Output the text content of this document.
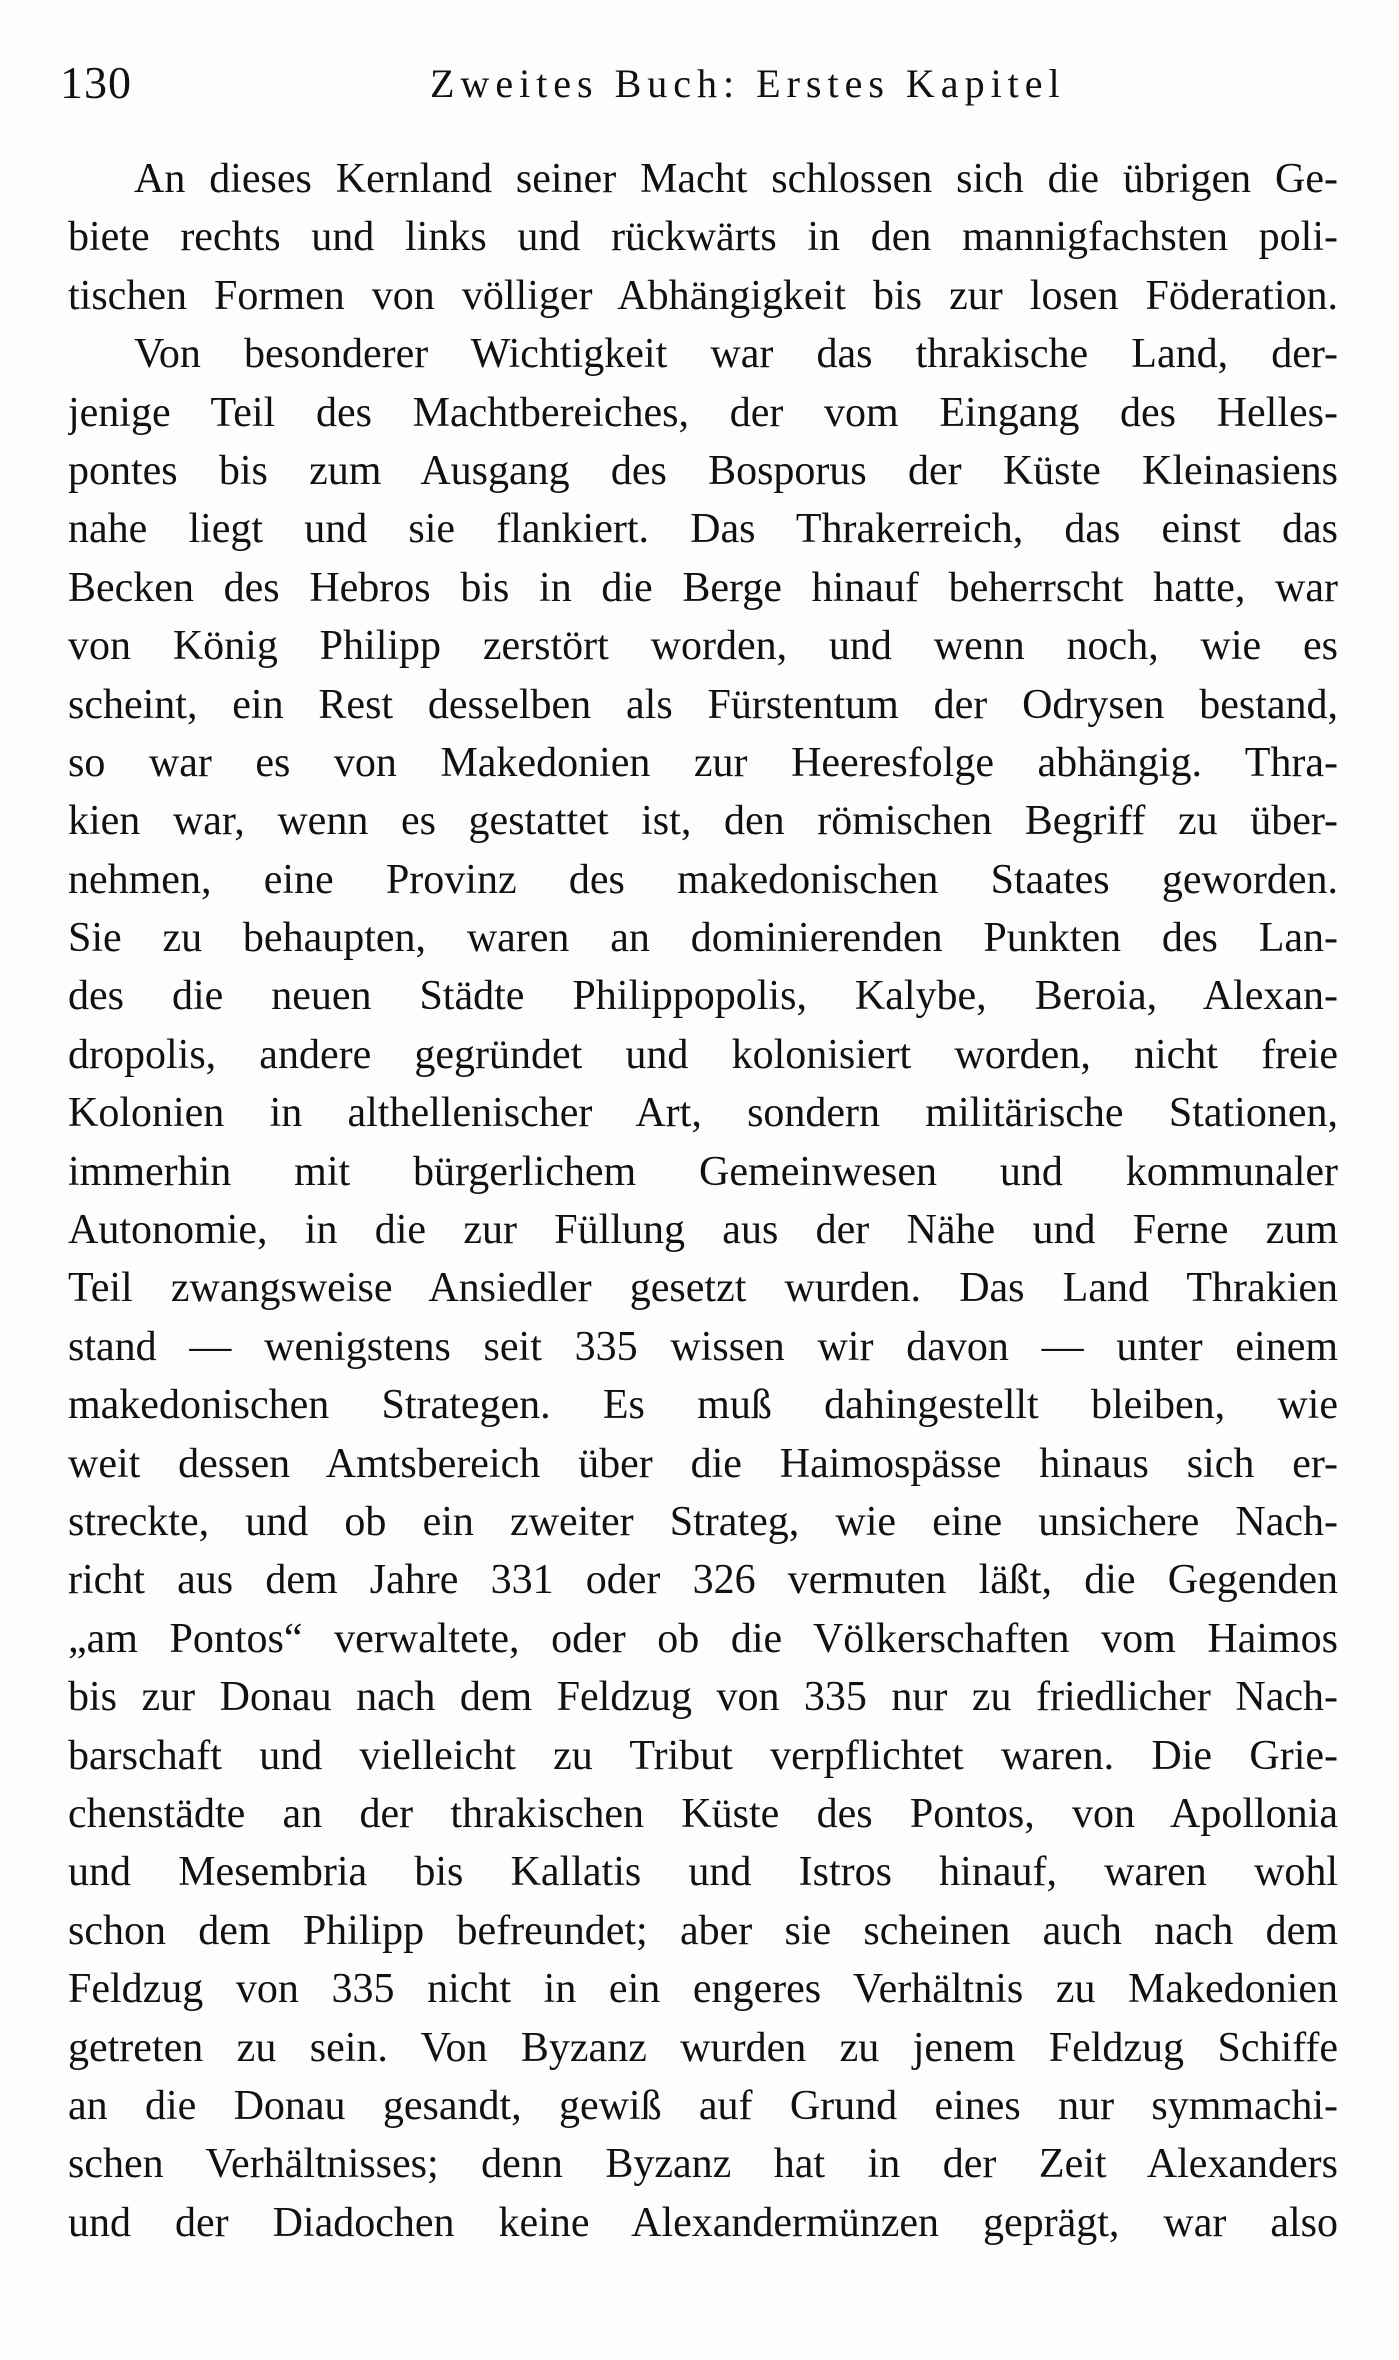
130	Zweites Buch: Erstes Kapitel
An dieses Kernland seiner Macht schlossen sich die übrigen Ge-
biete rechts und links und rückwärts in den mannigfachsten poli-
tischen Formen von völliger Abhängigkeit bis zur losen Föderation.
Von besonderer Wichtigkeit war das thrakische Land, der-
jenige Teil des Machtbereiches, der vom Eingang des Helles-
pontes bis zum Ausgang des Bosporus der Küste Kleinasiens
nahe liegt und sie flankiert. Das Thrakerreich, das einst das
Becken des Hebros bis in die Berge hinauf beherrscht hatte, war
von König Philipp zerstört worden, und wenn noch, wie es
scheint, ein Rest desselben als Fürstentum der Odrysen bestand,
so war es von Makedonien zur Heeresfolge abhängig. Thra-
kien war, wenn es gestattet ist, den römischen Begriff zu über-
nehmen, eine Provinz des makedonischen Staates geworden.
Sie zu behaupten, waren an dominierenden Punkten des Lan-
des die neuen Städte Philippopolis, Kalybe, Beroia, Alexan-
dropolis, andere gegründet und kolonisiert worden, nicht freie
Kolonien in althellenischer Art, sondern militärische Stationen,
immerhin mit bürgerlichem Gemeinwesen und kommunaler
Autonomie, in die zur Füllung aus der Nähe und Ferne zum
Teil zwangsweise Ansiedler gesetzt wurden. Das Land Thrakien
stand — wenigstens seit 335 wissen wir davon — unter einem
makedonischen Strategen. Es muß dahingestellt bleiben, wie
weit dessen Amtsbereich über die Haimospässe hinaus sich er-
streckte, und ob ein zweiter Strateg, wie eine unsichere Nach-
richt aus dem Jahre 331 oder 326 vermuten läßt, die Gegenden
„am Pontos“ verwaltete, oder ob die Völkerschaften vom Haimos
bis zur Donau nach dem Feldzug von 335 nur zu friedlicher Nach-
barschaft und vielleicht zu Tribut verpflichtet waren. Die Grie-
chenstädte an der thrakischen Küste des Pontos, von Apollonia
und Mesembria bis Kallatis und Istros hinauf, waren wohl
schon dem Philipp befreundet; aber sie scheinen auch nach dem
Feldzug von 335 nicht in ein engeres Verhältnis zu Makedonien
getreten zu sein. Von Byzanz wurden zu jenem Feldzug Schiffe
an die Donau gesandt, gewiß auf Grund eines nur symmachi-
schen Verhältnisses; denn Byzanz hat in der Zeit Alexanders
und der Diadochen keine Alexandermünzen geprägt, war also
